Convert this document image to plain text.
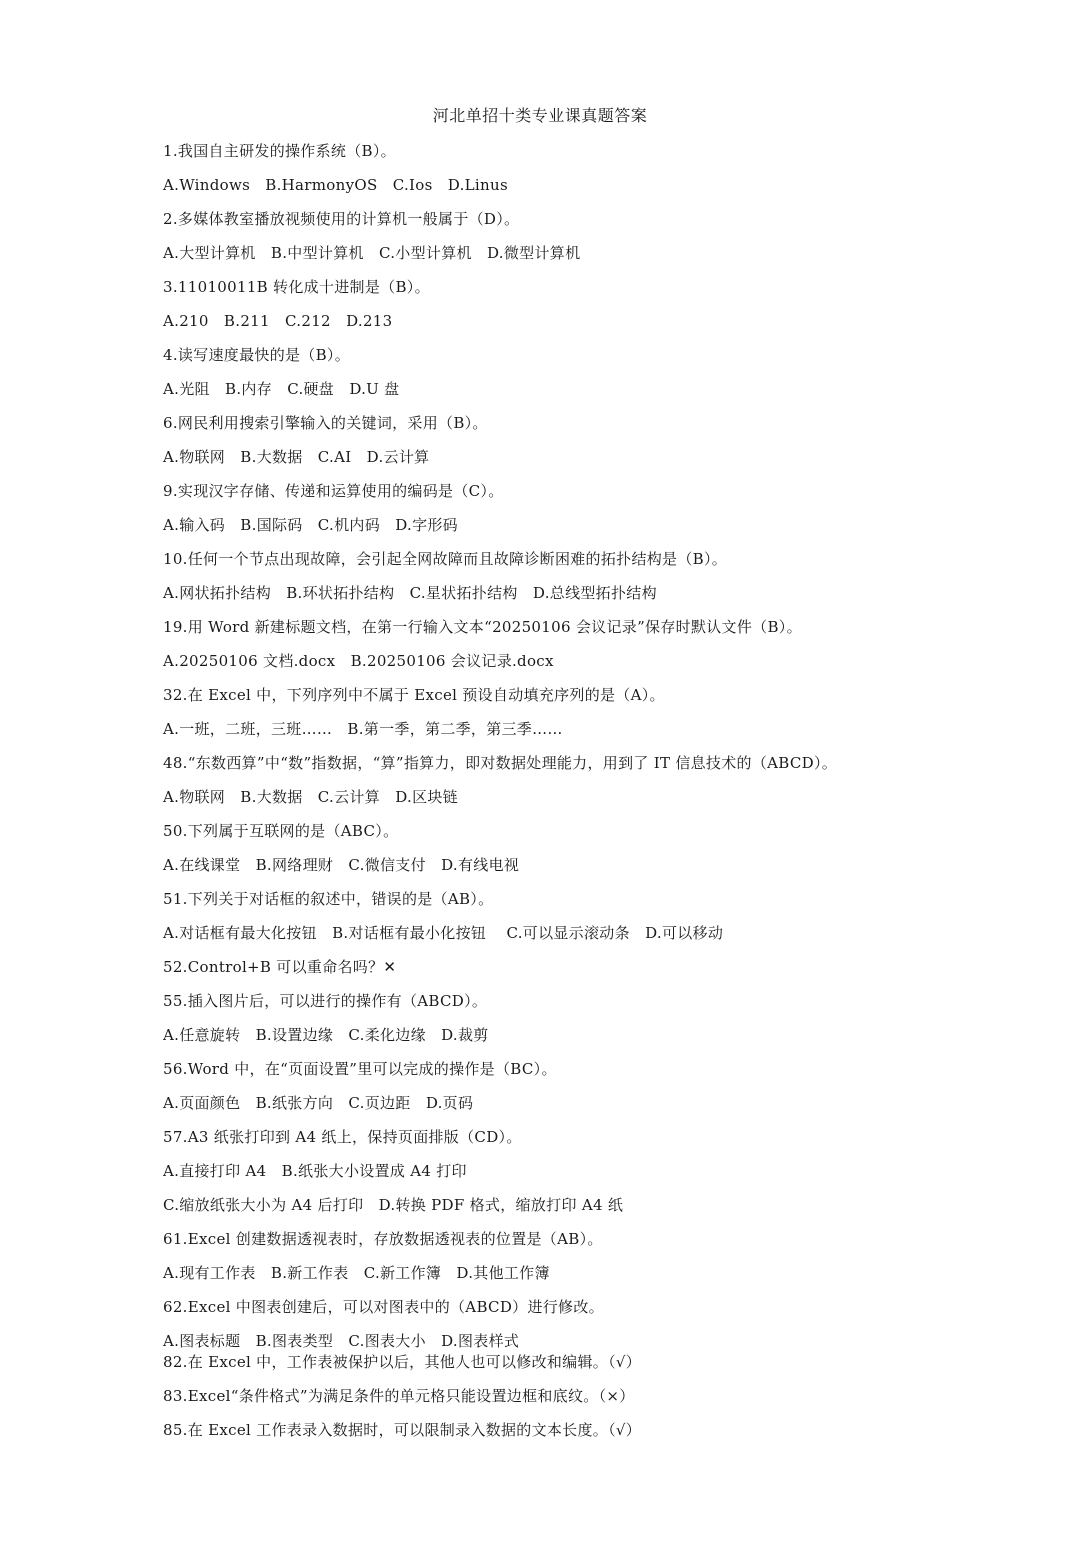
河北单招十类专业课真题答案
1.我国自主研发的操作系统（B）。
A.Windows   B.HarmonyOS   C.Ios   D.Linus
2.多媒体教室播放视频使用的计算机一般属于（D）。
A.大型计算机   B.中型计算机   C.小型计算机   D.微型计算机
3.11010011B 转化成十进制是（B）。
A.210   B.211   C.212   D.213
4.读写速度最快的是（B）。
A.光阻   B.内存   C.硬盘   D.U 盘
6.网民利用搜索引擎输入的关键词，采用（B）。
A.物联网   B.大数据   C.AI   D.云计算
9.实现汉字存储、传递和运算使用的编码是（C）。
A.输入码   B.国际码   C.机内码   D.字形码
10.任何一个节点出现故障，会引起全网故障而且故障诊断困难的拓扑结构是（B）。
A.网状拓扑结构   B.环状拓扑结构   C.星状拓扑结构   D.总线型拓扑结构
19.用 Word 新建标题文档，在第一行输入文本“20250106 会议记录”保存时默认文件（B）。
A.20250106 文档.docx   B.20250106 会议记录.docx
32.在 Excel 中，下列序列中不属于 Excel 预设自动填充序列的是（A）。
A.一班，二班，三班……   B.第一季，第二季，第三季……
48.“东数西算”中“数”指数据，“算”指算力，即对数据处理能力，用到了 IT 信息技术的（ABCD）。
A.物联网   B.大数据   C.云计算   D.区块链
50.下列属于互联网的是（ABC）。
A.在线课堂   B.网络理财   C.微信支付   D.有线电视
51.下列关于对话框的叙述中，错误的是（AB）。
A.对话框有最大化按钮   B.对话框有最小化按钮    C.可以显示滚动条   D.可以移动
52.Control+B 可以重命名吗？✕
55.插入图片后，可以进行的操作有（ABCD）。
A.任意旋转   B.设置边缘   C.柔化边缘   D.裁剪
56.Word 中，在“页面设置”里可以完成的操作是（BC）。
A.页面颜色   B.纸张方向   C.页边距   D.页码
57.A3 纸张打印到 A4 纸上，保持页面排版（CD）。
A.直接打印 A4   B.纸张大小设置成 A4 打印
C.缩放纸张大小为 A4 后打印   D.转换 PDF 格式，缩放打印 A4 纸
61.Excel 创建数据透视表时，存放数据透视表的位置是（AB）。
A.现有工作表   B.新工作表   C.新工作簿   D.其他工作簿
62.Excel 中图表创建后，可以对图表中的（ABCD）进行修改。
A.图表标题   B.图表类型   C.图表大小   D.图表样式
82.在 Excel 中，工作表被保护以后，其他人也可以修改和编辑。（√）
83.Excel“条件格式”为满足条件的单元格只能设置边框和底纹。（×）
85.在 Excel 工作表录入数据时，可以限制录入数据的文本长度。（√）
